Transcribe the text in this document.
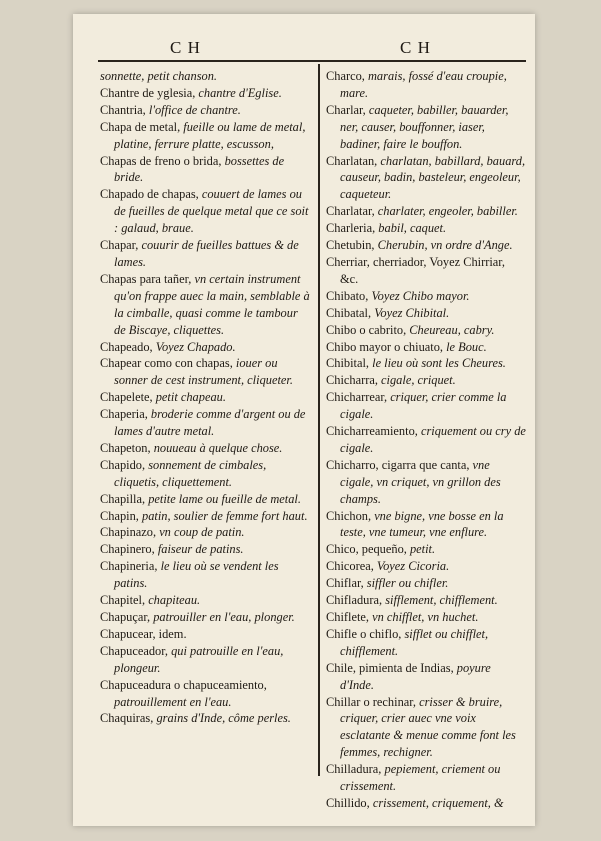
C H	C H

sonnette, petit chanson.

Chantre de yglesia, chantre d'Eglise.

Chantria, l'office de chantre.

Chapa de metal, fueille ou lame de metal, platine, ferrure platte, escusson,

Chapas de freno o brida, bossettes de bride.

Chapado de chapas, couuert de lames ou de fueilles de quelque metal que ce soit : galaud, braue.

Chapar, couurir de fueilles battues & de lames.

Chapas para tañer, vn certain instrument qu'on frappe auec la main, semblable à la cimballe, quasi comme le tambour de Biscaye, cliquettes.

Chapeado, Voyez Chapado.

Chapear como con chapas, iouer ou sonner de cest instrument, cliqueter.

Chapelete, petit chapeau.

Chaperia, broderie comme d'argent ou de lames d'autre metal.

Chapeton, nouueau à quelque chose.

Chapido, sonnement de cimbales, cliquetis, cliquettement.

Chapilla, petite lame ou fueille de metal.

Chapin, patin, soulier de femme fort haut.

Chapinazo, vn coup de patin.

Chapinero, faiseur de patins.

Chapineria, le lieu où se vendent les patins.

Chapitel, chapiteau.

Chapuçar, patrouiller en l'eau, plonger.

Chapucear, idem.

Chapuceador, qui patrouille en l'eau, plongeur.

Chapuceadura o chapuceamiento, patrouillement en l'eau.

Chaquiras, grains d'Inde, côme perles.

Charco, marais, fossé d'eau croupie, mare.

Charlar, caqueter, babiller, bauarder, ner, causer, bouffonner, iaser, badiner, faire le bouffon.

Charlatan, charlatan, babillard, bauard, causeur, badin, basteleur, engeoleur, caqueteur.

Charlatar, charlater, engeoler, babiller.

Charleria, babil, caquet.

Chetubin, Cherubin, vn ordre d'Ange.

Cherriar, cherriador, Voyez Chirriar, &c.

Chibato, Voyez Chibo mayor.

Chibatal, Voyez Chibital.

Chibo o cabrito, Cheureau, cabry.

Chibo mayor o chiuato, le Bouc.

Chibital, le lieu où sont les Cheures.

Chicharra, cigale, criquet.

Chicharrear, criquer, crier comme la cigale.

Chicharreamiento, criquement ou cry de cigale.

Chicharro, cigarra que canta, vne cigale, vn criquet, vn grillon des champs.

Chichon, vne bigne, vne bosse en la teste, vne tumeur, vne enflure.

Chico, pequeño, petit.

Chicorea, Voyez Cicoria.

Chiflar, siffler ou chifler.

Chifladura, sifflement, chifflement.

Chiflete, vn chifflet, vn huchet.

Chifle o chiflo, sifflet ou chifflet, chifflement.

Chile, pimienta de Indias, poyure d'Inde.

Chillar o rechinar, crisser & bruire, criquer, crier auec vne voix esclatante & menue comme font les femmes, rechigner.

Chilladura, pepiement, criement ou crissement.

Chillido, crissement, criquement, &
